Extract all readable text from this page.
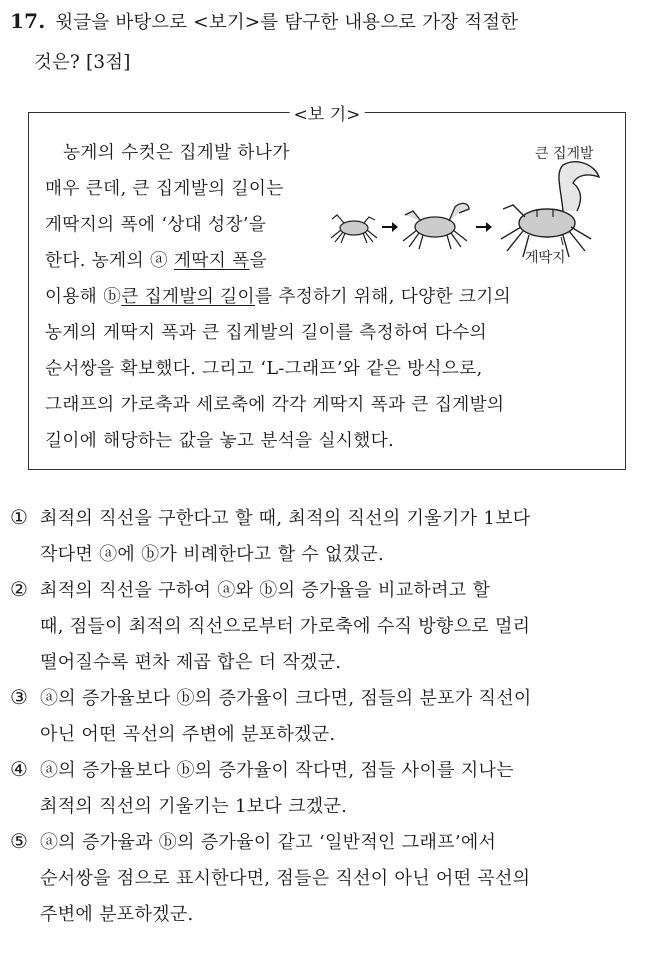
17. 윗글을 바탕으로 <보기>를 탐구한 내용으로 가장 적절한
것은? [3점]
<보 기>
농게의 수컷은 집게발 하나가
매우 큰데, 큰 집게발의 길이는
게딱지의 폭에 ‘상대 성장’을
한다. 농게의 ⓐ 게딱지 폭을
이용해 ⓑ큰 집게발의 길이를 추정하기 위해, 다양한 크기의
농게의 게딱지 폭과 큰 집게발의 길이를 측정하여 다수의
순서쌍을 확보했다. 그리고 ‘L-그래프’와 같은 방식으로,
그래프의 가로축과 세로축에 각각 게딱지 폭과 큰 집게발의
길이에 해당하는 값을 놓고 분석을 실시했다.
큰 집게발
게딱지
① 최적의 직선을 구한다고 할 때, 최적의 직선의 기울기가 1보다
작다면 ⓐ에 ⓑ가 비례한다고 할 수 없겠군.
② 최적의 직선을 구하여 ⓐ와 ⓑ의 증가율을 비교하려고 할
때, 점들이 최적의 직선으로부터 가로축에 수직 방향으로 멀리
떨어질수록 편차 제곱 합은 더 작겠군.
③ ⓐ의 증가율보다 ⓑ의 증가율이 크다면, 점들의 분포가 직선이
아닌 어떤 곡선의 주변에 분포하겠군.
④ ⓐ의 증가율보다 ⓑ의 증가율이 작다면, 점들 사이를 지나는
최적의 직선의 기울기는 1보다 크겠군.
⑤ ⓐ의 증가율과 ⓑ의 증가율이 같고 ‘일반적인 그래프’에서
순서쌍을 점으로 표시한다면, 점들은 직선이 아닌 어떤 곡선의
주변에 분포하겠군.
